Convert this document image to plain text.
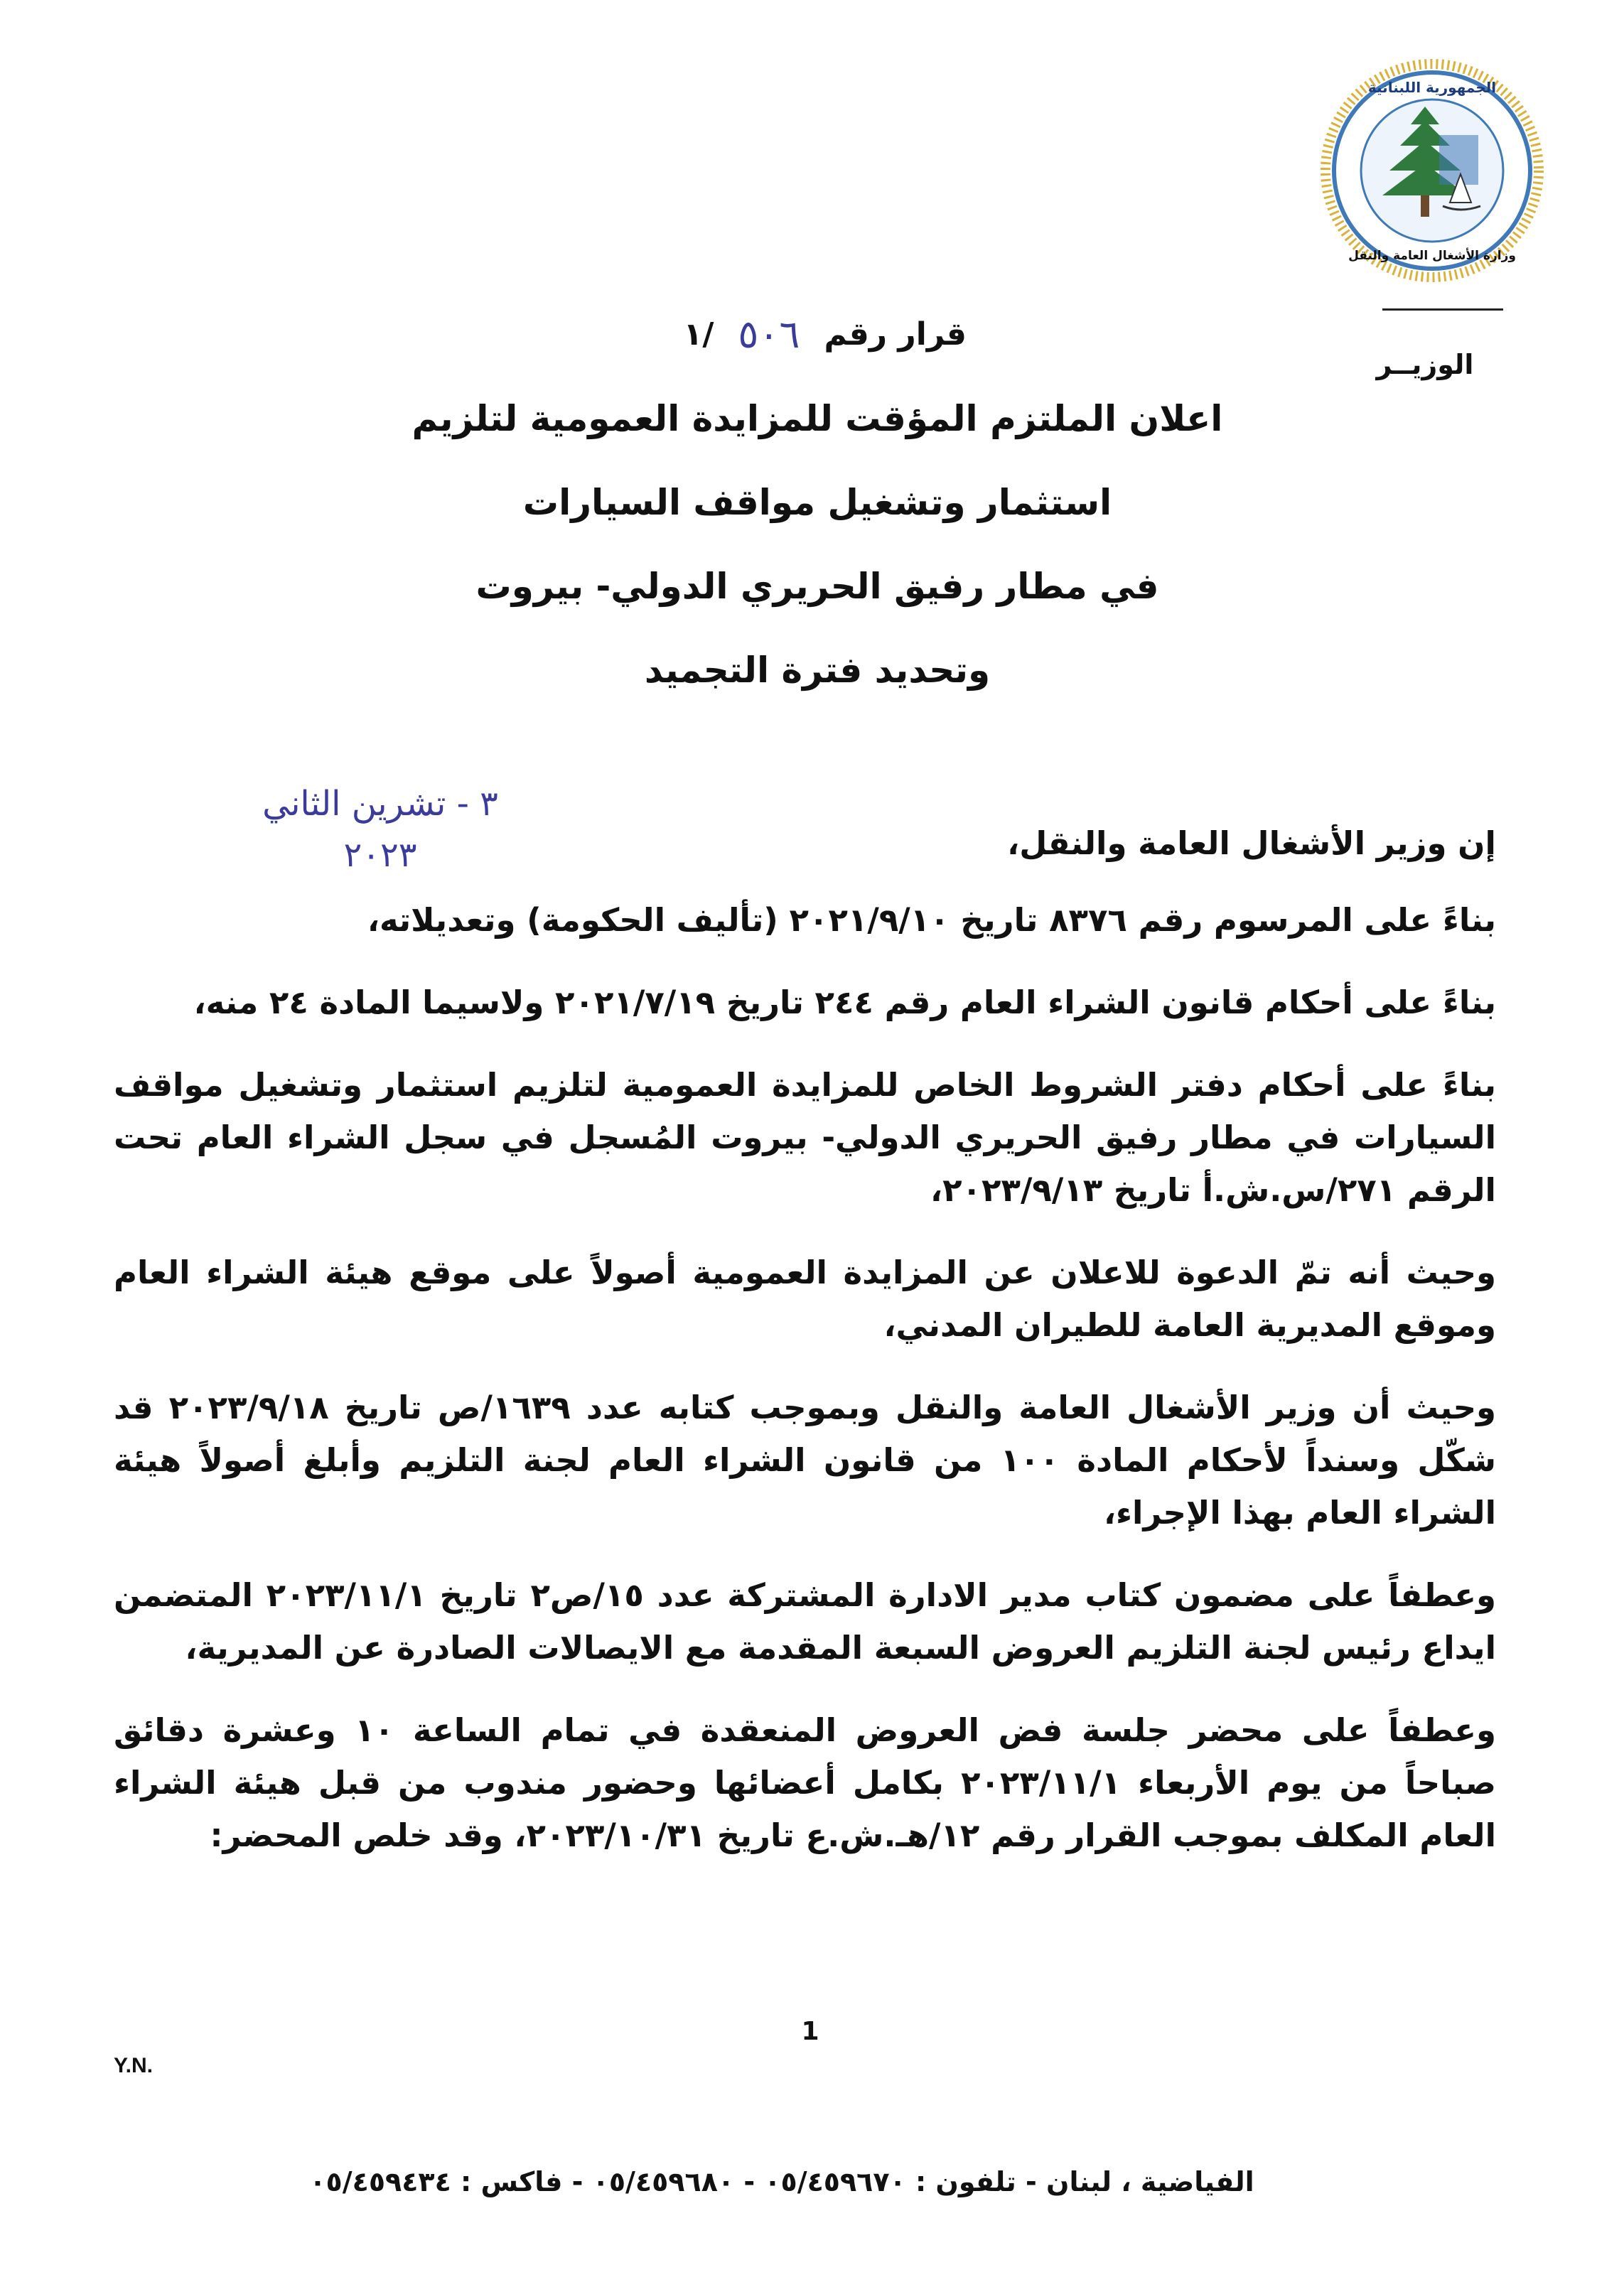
الجمهورية اللبنانية
وزارة الأشغال العامة والنقل
الوزيــر
قرار رقم
٥٠٦
/١
اعلان الملتزم المؤقت للمزايدة العمومية لتلزيم
استثمار وتشغيل مواقف السيارات
في مطار رفيق الحريري الدولي- بيروت
وتحديد فترة التجميد
٣ - تشرين الثاني ٢٠٢٣	إن وزير الأشغال العامة والنقل،

بناءً على المرسوم رقم ٨٣٧٦ تاريخ ٢٠٢١/٩/١٠ (تأليف الحكومة) وتعديلاته،

بناءً على أحكام قانون الشراء العام رقم ٢٤٤ تاريخ ٢٠٢١/٧/١٩ ولاسيما المادة ٢٤ منه،

بناءً على أحكام دفتر الشروط الخاص للمزايدة العمومية لتلزيم استثمار وتشغيل مواقف السيارات في مطار رفيق الحريري الدولي- بيروت المُسجل في سجل الشراء العام تحت الرقم ٢٧١/س.ش.أ تاريخ ٢٠٢٣/٩/١٣،

وحيث أنه تمّ الدعوة للاعلان عن المزايدة العمومية أصولاً على موقع هيئة الشراء العام وموقع المديرية العامة للطيران المدني،

وحيث أن وزير الأشغال العامة والنقل وبموجب كتابه عدد ١٦٣٩/ص تاريخ ٢٠٢٣/٩/١٨ قد شكّل وسنداً لأحكام المادة ١٠٠ من قانون الشراء العام لجنة التلزيم وأبلغ أصولاً هيئة الشراء العام بهذا الإجراء،

وعطفاً على مضمون كتاب مدير الادارة المشتركة عدد ١٥/ص٢ تاريخ ٢٠٢٣/١١/١ المتضمن ايداع رئيس لجنة التلزيم العروض السبعة المقدمة مع الايصالات الصادرة عن المديرية،

وعطفاً على محضر جلسة فض العروض المنعقدة في تمام الساعة ١٠ وعشرة دقائق صباحاً من يوم الأربعاء ٢٠٢٣/١١/١ بكامل أعضائها وحضور مندوب من قبل هيئة الشراء العام المكلف بموجب القرار رقم ١٢/هـ.ش.ع تاريخ ٢٠٢٣/١٠/٣١، وقد خلص المحضر:

1
Y.N.
الفياضية ، لبنان - تلفون : ٠٥/٤٥٩٦٧٠ - ٠٥/٤٥٩٦٨٠ - فاكس : ٠٥/٤٥٩٤٣٤
